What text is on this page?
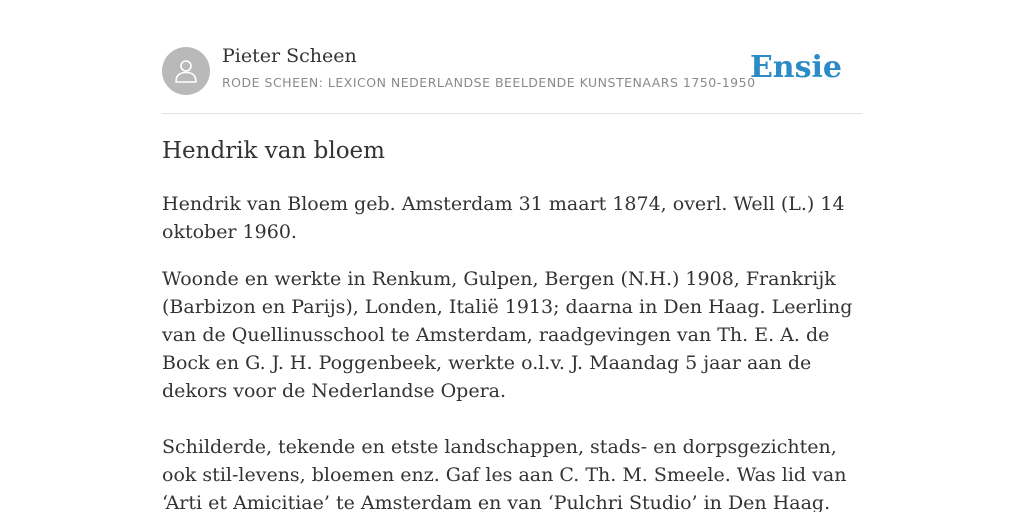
Pieter Scheen
RODE SCHEEN: LEXICON NEDERLANDSE BEELDENDE KUNSTENAARS 1750-1950
Ensie
Hendrik van bloem

Hendrik van Bloem geb. Amsterdam 31 maart 1874, overl. Well (L.) 14 oktober 1960.

Woonde en werkte in Renkum, Gulpen, Bergen (N.H.) 1908, Frankrijk (Barbizon en Parijs), Londen, Italië 1913; daarna in Den Haag. Leerling van de Quellinusschool te Amsterdam, raadgevingen van Th. E. A. de Bock en G. J. H. Poggenbeek, werkte o.l.v. J. Maandag 5 jaar aan de dekors voor de Nederlandse Opera.

Schilderde, tekende en etste landschappen, stads- en dorpsgezichten, ook stil-levens, bloemen enz. Gaf les aan C. Th. M. Smeele. Was lid van ‘Arti et Amicitiae’ te Amsterdam en van ‘Pulchri Studio’ in Den Haag.
